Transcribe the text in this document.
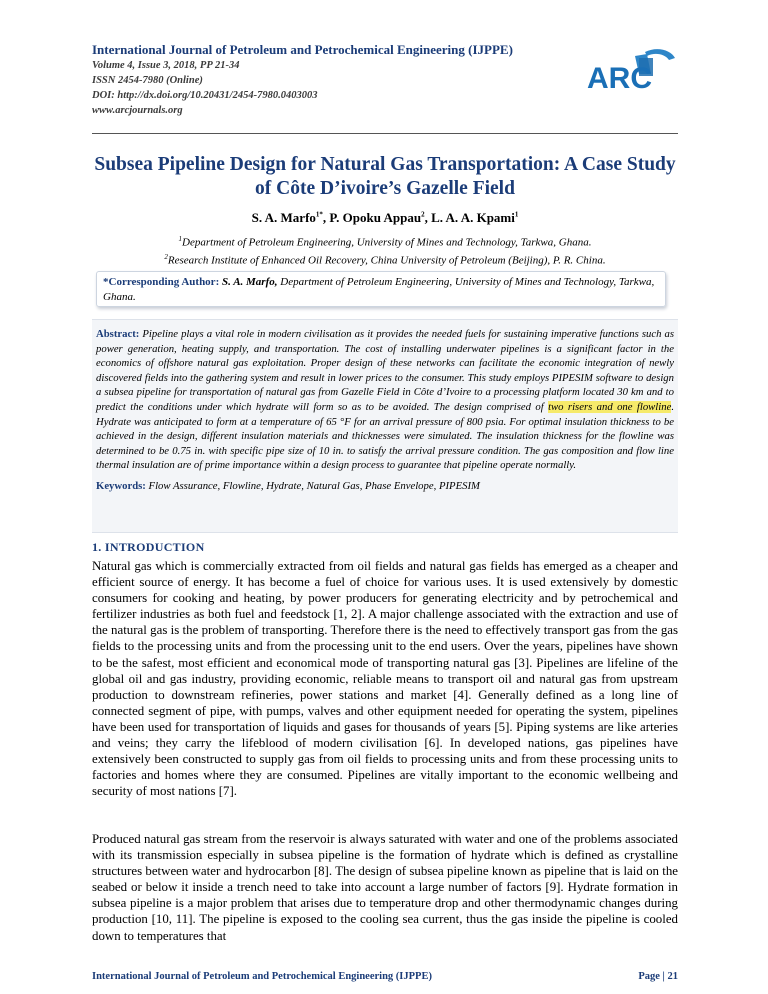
International Journal of Petroleum and Petrochemical Engineering (IJPPE)
Volume 4, Issue 3, 2018, PP 21-34
ISSN 2454-7980 (Online)
DOI: http://dx.doi.org/10.20431/2454-7980.0403003
www.arcjournals.org
ARC
Subsea Pipeline Design for Natural Gas Transportation: A Case Study of Côte D’ivoire’s Gazelle Field
S. A. Marfo$^{1*}$, P. Opoku Appau$^2$, L. A. A. Kpami$^1$
$^1$Department of Petroleum Engineering, University of Mines and Technology, Tarkwa, Ghana.
$^2$Research Institute of Enhanced Oil Recovery, China University of Petroleum (Beijing), P. R. China.
*Corresponding Author: S. A. Marfo, Department of Petroleum Engineering, University of Mines and Technology, Tarkwa, Ghana.
Abstract: Pipeline plays a vital role in modern civilisation as it provides the needed fuels for sustaining imperative functions such as power generation, heating supply, and transportation. The cost of installing underwater pipelines is a significant factor in the economics of offshore natural gas exploitation. Proper design of these networks can facilitate the economic integration of newly discovered fields into the gathering system and result in lower prices to the consumer. This study employs PIPESIM software to design a subsea pipeline for transportation of natural gas from Gazelle Field in Côte d’Ivoire to a processing platform located 30 km and to predict the conditions under which hydrate will form so as to be avoided. The design comprised of two risers and one flowline. Hydrate was anticipated to form at a temperature of 65 °F for an arrival pressure of 800 psia. For optimal insulation thickness to be achieved in the design, different insulation materials and thicknesses were simulated. The insulation thickness for the flowline was determined to be 0.75 in. with specific pipe size of 10 in. to satisfy the arrival pressure condition. The gas composition and flow line thermal insulation are of prime importance within a design process to guarantee that pipeline operate normally.
Keywords: Flow Assurance, Flowline, Hydrate, Natural Gas, Phase Envelope, PIPESIM
1. INTRODUCTION
Natural gas which is commercially extracted from oil fields and natural gas fields has emerged as a cheaper and efficient source of energy. It has become a fuel of choice for various uses. It is used extensively by domestic consumers for cooking and heating, by power producers for generating electricity and by petrochemical and fertilizer industries as both fuel and feedstock [1, 2]. A major challenge associated with the extraction and use of the natural gas is the problem of transporting. Therefore there is the need to effectively transport gas from the gas fields to the processing units and from the processing unit to the end users. Over the years, pipelines have shown to be the safest, most efficient and economical mode of transporting natural gas [3]. Pipelines are lifeline of the global oil and gas industry, providing economic, reliable means to transport oil and natural gas from upstream production to downstream refineries, power stations and market [4]. Generally defined as a long line of connected segment of pipe, with pumps, valves and other equipment needed for operating the system, pipelines have been used for transportation of liquids and gases for thousands of years [5]. Piping systems are like arteries and veins; they carry the lifeblood of modern civilisation [6]. In developed nations, gas pipelines have extensively been constructed to supply gas from oil fields to processing units and from these processing units to factories and homes where they are consumed. Pipelines are vitally important to the economic wellbeing and security of most nations [7].
Produced natural gas stream from the reservoir is always saturated with water and one of the problems associated with its transmission especially in subsea pipeline is the formation of hydrate which is defined as crystalline structures between water and hydrocarbon [8]. The design of subsea pipeline known as pipeline that is laid on the seabed or below it inside a trench need to take into account a large number of factors [9]. Hydrate formation in subsea pipeline is a major problem that arises due to temperature drop and other thermodynamic changes during production [10, 11]. The pipeline is exposed to the cooling sea current, thus the gas inside the pipeline is cooled down to temperatures that
International Journal of Petroleum and Petrochemical Engineering (IJPPE)	Page | 21
